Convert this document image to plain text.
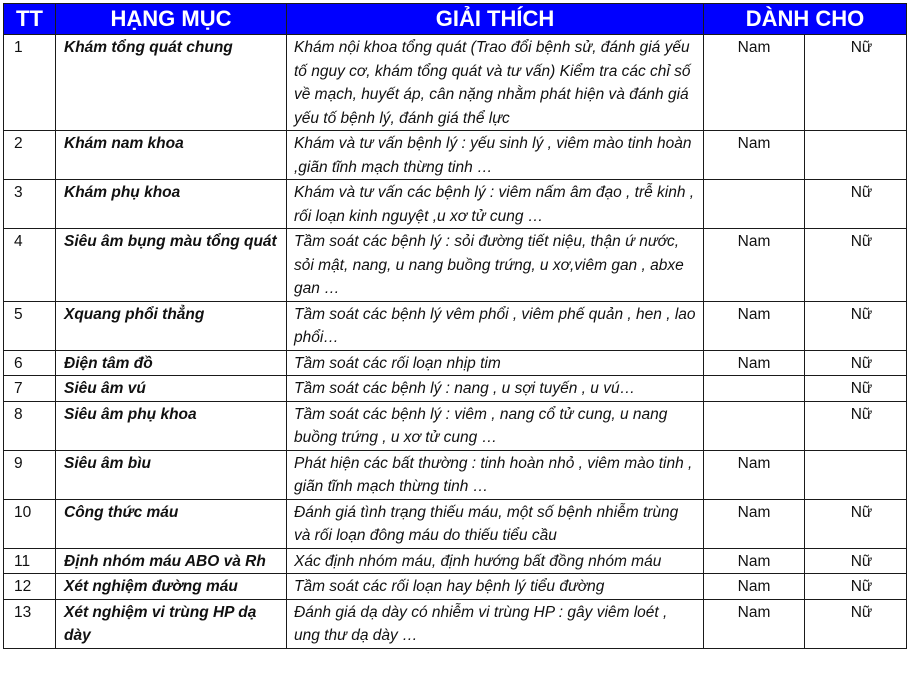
TT	HẠNG MỤC	GIẢI THÍCH	DÀNH CHO	
1	Khám tổng quát chung	Khám nội khoa tổng quát (Trao đổi bệnh sử, đánh giá yếu tố nguy cơ, khám tổng quát và tư vấn) Kiểm tra các chỉ số về mạch, huyết áp, cân nặng nhằm phát hiện và đánh giá yếu tố bệnh lý, đánh giá thể lực	Nam	Nữ
2	Khám nam khoa	Khám và tư vấn bệnh lý : yếu sinh lý , viêm mào tinh hoàn ,giãn tĩnh mạch thừng tinh …	Nam	
3	Khám phụ khoa	Khám và tư vấn các bệnh lý : viêm nấm âm đạo , trễ kinh , rối loạn kinh nguyệt ,u xơ tử cung …		Nữ
4	Siêu âm bụng màu tổng quát	Tầm soát các bệnh lý : sỏi đường tiết niệu, thận ứ nước, sỏi mật, nang, u nang buồng trứng, u xơ,viêm gan , abxe gan …	Nam	Nữ
5	Xquang phổi thẳng	Tầm soát các bệnh lý vêm phổi , viêm phế quản , hen , lao phổi…	Nam	Nữ
6	Điện tâm đồ	Tầm soát các rối loạn nhịp tim	Nam	Nữ
7	Siêu âm vú	Tầm soát các bệnh lý : nang , u sợi tuyến , u vú…		Nữ
8	Siêu âm phụ khoa	Tầm soát các bệnh lý : viêm , nang cổ tử cung, u nang buồng trứng , u xơ tử cung …		Nữ
9	Siêu âm bìu	Phát hiện các bất thường : tinh hoàn nhỏ , viêm mào tinh , giãn tĩnh mạch thừng tinh …	Nam	
10	Công thức máu	Đánh giá tình trạng thiếu máu, một số bệnh nhiễm trùng và rối loạn đông máu do thiếu tiểu cầu	Nam	Nữ
11	Định nhóm máu ABO và Rh	Xác định nhóm máu, định hướng bất đồng nhóm máu	Nam	Nữ
12	Xét nghiệm đường máu	Tầm soát các rối loạn hay bệnh lý tiểu đường	Nam	Nữ
13	Xét nghiệm vi trùng HP dạ dày	Đánh giá dạ dày có nhiễm vi trùng HP : gây viêm loét , ung thư dạ dày …	Nam	Nữ
